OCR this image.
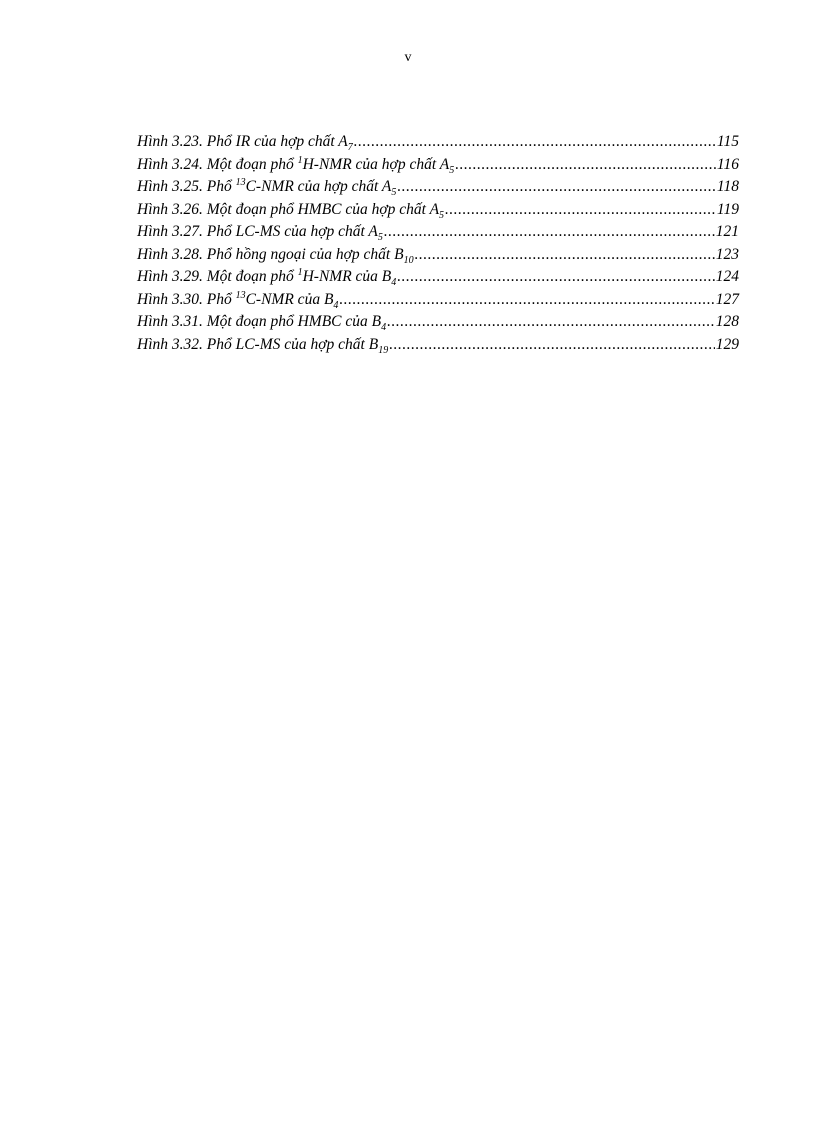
v
Hình 3.23. Phổ IR của hợp chất $A_7$ .....	115
Hình 3.24. Một đoạn phổ $^1$H-NMR của hợp chất $A_5$ .....	116
Hình 3.25. Phổ $^{13}$C-NMR của hợp chất $A_5$ .....	118
Hình 3.26. Một đoạn phổ HMBC của hợp chất $A_5$ .....	119
Hình 3.27. Phổ LC-MS của hợp chất $A_5$ .....	121
Hình 3.28. Phổ hồng ngoại của hợp chất $B_{10}$ .....	123
Hình 3.29. Một đoạn phổ $^1$H-NMR của $B_4$ .....	124
Hình 3.30. Phổ $^{13}$C-NMR của $B_4$ .....	127
Hình 3.31. Một đoạn phổ HMBC của $B_4$ .....	128
Hình 3.32. Phổ LC-MS của hợp chất $B_{19}$ .....	129
